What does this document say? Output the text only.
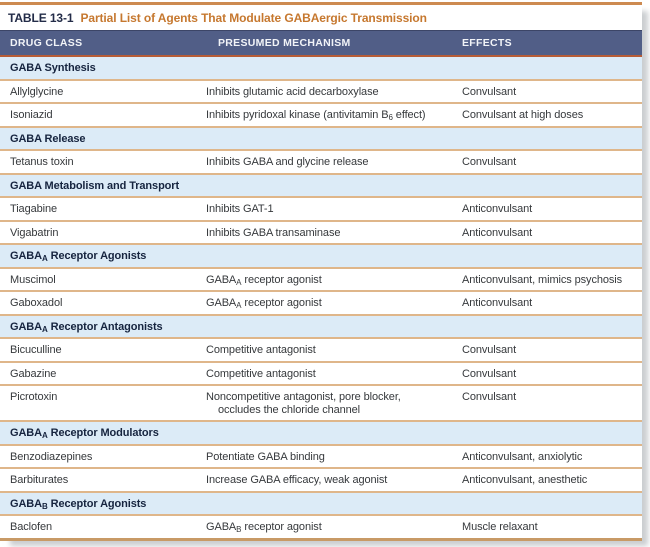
TABLE 13-1 Partial List of Agents That Modulate GABAergic Transmission
DRUG CLASS	PRESUMED MECHANISM	EFFECTS
GABA Synthesis		
Allylglycine	Inhibits glutamic acid decarboxylase	Convulsant
Isoniazid	Inhibits pyridoxal kinase (antivitamin $B_6$ effect)	Convulsant at high doses
GABA Release		
Tetanus toxin	Inhibits GABA and glycine release	Convulsant
GABA Metabolism and Transport		
Tiagabine	Inhibits GAT-1	Anticonvulsant
Vigabatrin	Inhibits GABA transaminase	Anticonvulsant
$GABA_A$ Receptor Agonists		
Muscimol	$GABA_A$ receptor agonist	Anticonvulsant, mimics psychosis
Gaboxadol	$GABA_A$ receptor agonist	Anticonvulsant
$GABA_A$ Receptor Antagonists		
Bicuculline	Competitive antagonist	Convulsant
Gabazine	Competitive antagonist	Convulsant
Picrotoxin	Noncompetitive antagonist, pore blocker, occludes the chloride channel	Convulsant
$GABA_A$ Receptor Modulators		
Benzodiazepines	Potentiate GABA binding	Anticonvulsant, anxiolytic
Barbiturates	Increase GABA efficacy, weak agonist	Anticonvulsant, anesthetic
$GABA_B$ Receptor Agonists		
Baclofen	$GABA_B$ receptor agonist	Muscle relaxant
